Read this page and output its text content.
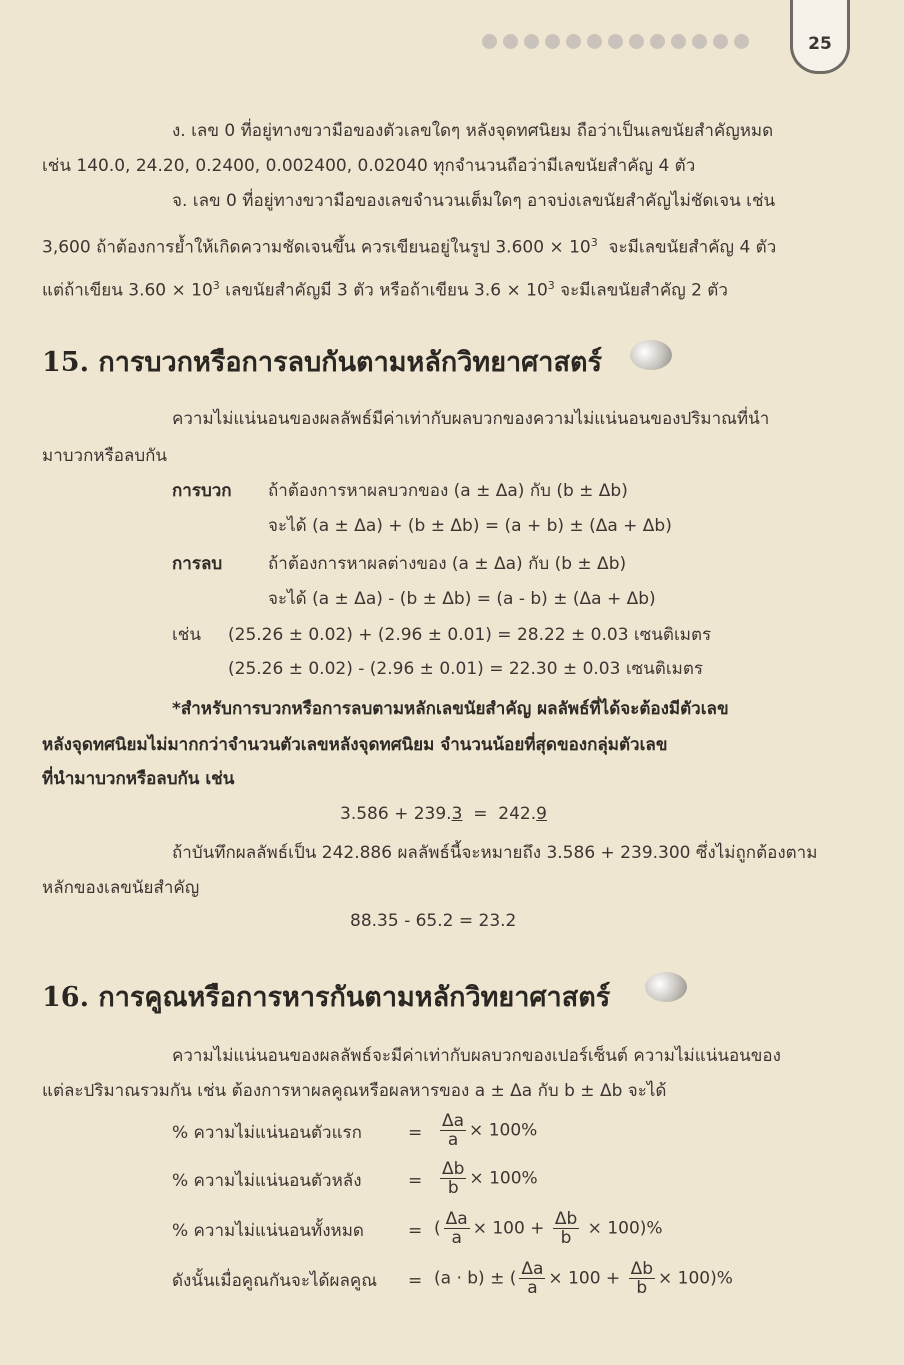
25
ง. เลข 0 ที่อยู่ทางขวามือของตัวเลขใดๆ หลังจุดทศนิยม ถือว่าเป็นเลขนัยสำคัญหมด
เช่น 140.0, 24.20, 0.2400, 0.002400, 0.02040 ทุกจำนวนถือว่ามีเลขนัยสำคัญ 4 ตัว
จ. เลข 0 ที่อยู่ทางขวามือของเลขจำนวนเต็มใดๆ อาจบ่งเลขนัยสำคัญไม่ชัดเจน เช่น
3,600 ถ้าต้องการย้ำให้เกิดความชัดเจนขึ้น ควรเขียนอยู่ในรูป $3.600 \times 10^3$ จะมีเลขนัยสำคัญ 4 ตัว
แต่ถ้าเขียน $3.60 \times 10^3$ เลขนัยสำคัญมี 3 ตัว หรือถ้าเขียน $3.6 \times 10^3$ จะมีเลขนัยสำคัญ 2 ตัว
15. การบวกหรือการลบกันตามหลักวิทยาศาสตร์
ความไม่แน่นอนของผลลัพธ์มีค่าเท่ากับผลบวกของความไม่แน่นอนของปริมาณที่นำ
มาบวกหรือลบกัน
การบวก ถ้าต้องการหาผลบวกของ (a ± Δa) กับ (b ± Δb)
จะได้ (a ± Δa) + (b ± Δb) = (a + b) ± (Δa + Δb)
การลบ	ถ้าต้องการหาผลต่างของ (a ± Δa) กับ (b ± Δb)
จะได้ (a ± Δa) - (b ± Δb) = (a - b) ± (Δa + Δb)
เช่น (25.26 ± 0.02) + (2.96 ± 0.01) = 28.22 ± 0.03 เซนติเมตร
(25.26 ± 0.02) - (2.96 ± 0.01) = 22.30 ± 0.03 เซนติเมตร
*สำหรับการบวกหรือการลบตามหลักเลขนัยสำคัญ ผลลัพธ์ที่ได้จะต้องมีตัวเลข
หลังจุดทศนิยมไม่มากกว่าจำนวนตัวเลขหลังจุดทศนิยม จำนวนน้อยที่สุดของกลุ่มตัวเลข
ที่นำมาบวกหรือลบกัน เช่น
3.586 + 239.3  =  242.9
ถ้าบันทึกผลลัพธ์เป็น 242.886 ผลลัพธ์นี้จะหมายถึง 3.586 + 239.300 ซึ่งไม่ถูกต้องตาม
หลักของเลขนัยสำคัญ
88.35 - 65.2 = 23.2
16. การคูณหรือการหารกันตามหลักวิทยาศาสตร์
ความไม่แน่นอนของผลลัพธ์จะมีค่าเท่ากับผลบวกของเปอร์เซ็นต์ ความไม่แน่นอนของ
แต่ละปริมาณรวมกัน เช่น ต้องการหาผลคูณหรือผลหารของ a ± Δa กับ b ± Δb จะได้
% ความไม่แน่นอนตัวแรก	= $\frac{\Delta a}{a} \times 100\%$
% ความไม่แน่นอนตัวหลัง	= $\frac{\Delta b}{b} \times 100\%$
% ความไม่แน่นอนทั้งหมด	= ( $\frac{\Delta a}{a} \times 100 + \frac{\Delta b}{b} \times 100)\%$
ดังนั้นเมื่อคูณกันจะได้ผลคูณ = (a · b) ± ( $\frac{\Delta a}{a} \times 100 + \frac{\Delta b}{b} \times 100)\%$
